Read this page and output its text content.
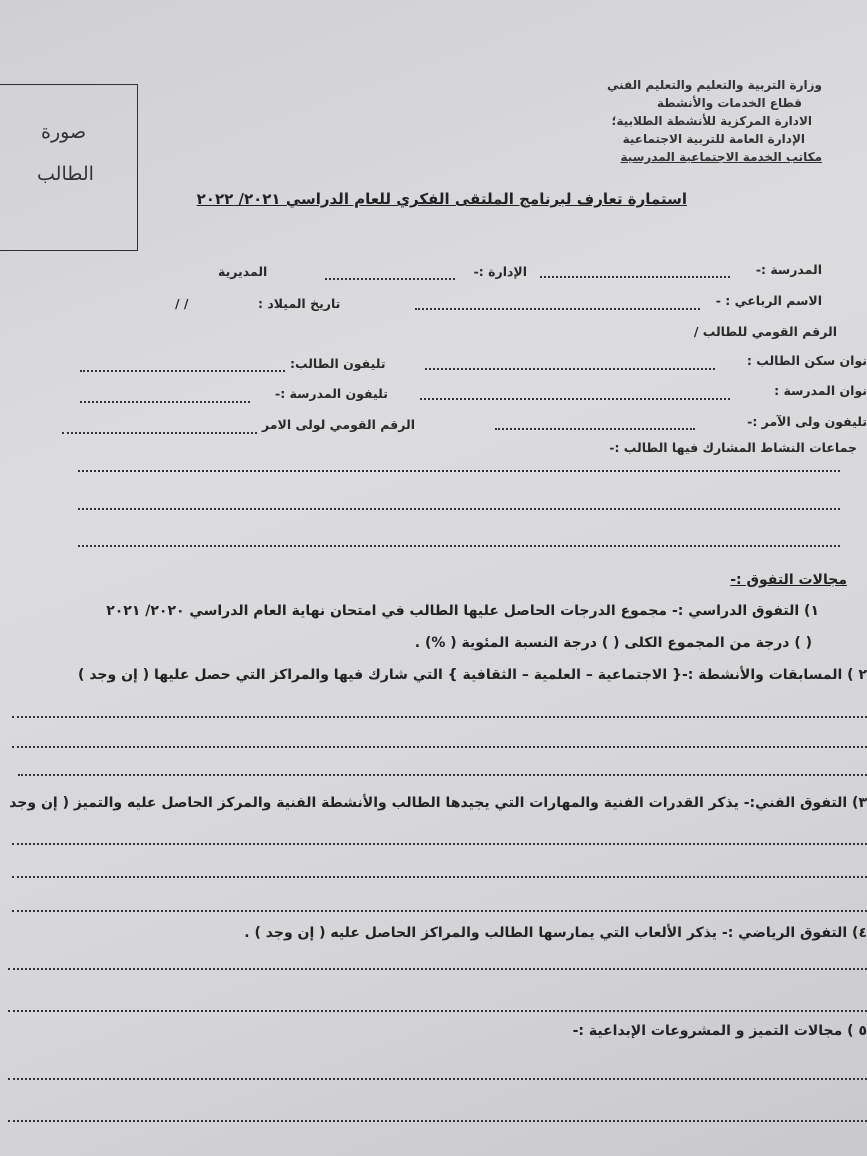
وزارة التربية والتعليم والتعليم الفني
قطاع الخدمات والأنشطة
الادارة المركزية للأنشطة الطلابية؛
الإدارة العامة للتربية الاجتماعية
مكاتب الخدمة الاجتماعية المدرسية
صورة
الطالب
استمارة تعارف لبرنامج الملتقى الفكري للعام الدراسي ٢٠٢١/ ٢٠٢٢
المدرسة :-
الإدارة :-
المديرية
الاسم الرباعي : -
تاريخ الميلاد :
/ /
الرقم القومي للطالب /
نوان سكن الطالب :
تليفون الطالب:
نوان المدرسة :
تليفون المدرسة :-
تليفون ولى الآمر :-
الرقم القومي لولى الامر
جماعات النشاط المشارك فيها الطالب :-
مجالات التفوق :-
١) التفوق الدراسي :- مجموع الدرجات الحاصل عليها الطالب في امتحان نهاية العام الدراسي ٢٠٢٠/ ٢٠٢١
( ) درجة من المجموع الكلى ( ) درجة النسبة المئوية ( %) .
٢ ) المسابقات والأنشطة :-{ الاجتماعية – العلمية – الثقافية } التي شارك فيها والمراكز التي حصل عليها ( إن وجد )
٣) التفوق الفني:- يذكر القدرات الفنية والمهارات التي يجيدها الطالب والأنشطة الفنية والمركز الحاصل عليه والتميز ( إن وجد
٤) التفوق الرياضي :- يذكر الألعاب التي يمارسها الطالب والمراكز الحاصل عليه ( إن وجد ) .
٥ ) مجالات التميز و المشروعات الإبداعية :-
